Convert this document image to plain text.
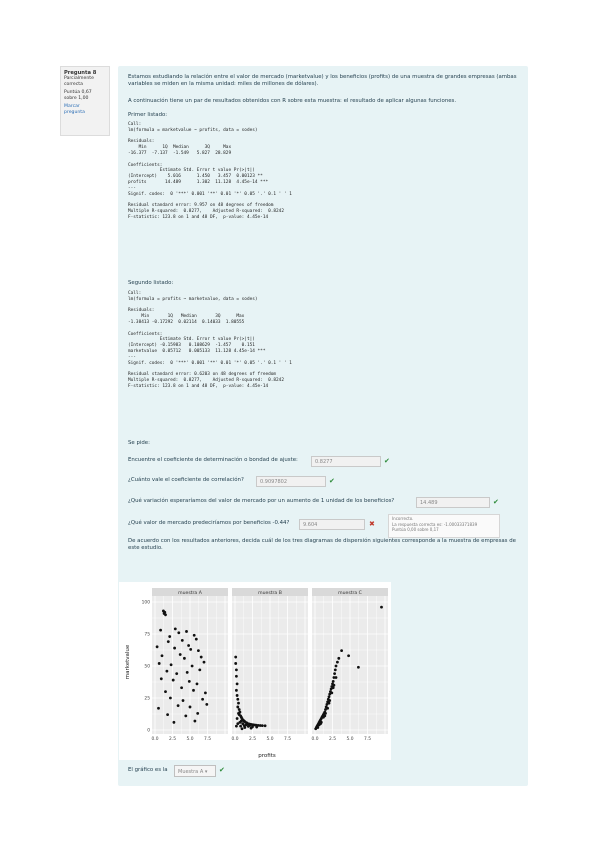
Pregunta 8
Parcialmente
correcta
Puntúa 0,67
sobre 1,00
Marcar
pregunta
Estamos estudiando la relación entre el valor de mercado (marketvalue) y los beneficios (profits) de una muestra de grandes empresas (ambas variables se miden en la misma unidad: miles de millones de dólares).
A continuación tiene un par de resultados obtenidos con R sobre esta muestra: el resultado de aplicar algunas funciones.
Primer listado:
Call:
lm(formula = marketvalue ~ profits, data = sodes)

Residuals:
Min      1Q  Median      3Q     Max
-16.377  -7.137  -1.549   5.827  28.829

Coefficients:
Estimate Std. Error t value Pr(>|t|)
(Intercept)    5.016      1.450   3.457  0.00123 **
profits       14.489      1.302  11.128  4.45e-14 ***
---
Signif. codes:  0 '***' 0.001 '**' 0.01 '*' 0.05 '.' 0.1 ' ' 1

Residual standard error: 9.957 on 48 degrees of freedom
Multiple R-squared:  0.8277,    Adjusted R-squared:  0.8242
F-statistic: 123.8 on 1 and 48 DF,  p-value: 4.45e-14
Segundo listado:
Call:
lm(formula = profits ~ marketvalue, data = sodes)

Residuals:
Min       1Q   Median       3Q      Max
-1.38413 -0.17292  0.02114  0.14033  1.80555

Coefficients:
Estimate Std. Error t value Pr(>|t|)
(Intercept) -0.15983   0.108629  -1.457    0.151
marketvalue  0.05712   0.005133  11.128 4.45e-14 ***
---
Signif. codes:  0 '***' 0.001 '**' 0.01 '*' 0.05 '.' 0.1 ' ' 1

Residual standard error: 0.6203 on 48 degrees of freedom
Multiple R-squared:  0.8277,    Adjusted R-squared:  0.8242
F-statistic: 123.8 on 1 and 48 DF,  p-value: 4.45e-14
Se pide:
Encuentre el coeficiente de determinación o bondad de ajuste:	0.8277	✔
¿Cuánto vale el coeficiente de correlación?	0.9097802	✔
¿Qué variación esperaríamos del valor de mercado por un aumento de 1 unidad de los beneficios?	14.489	✔
¿Qué valor de mercado predeciríamos por beneficios -0.44?	9.604	✖
Incorrecto.
La respuesta correcta es: -1.00033371839
Puntúa 0,00 sobre 0,17
De acuerdo con los resultados anteriores, decida cuál de los tres diagramas de dispersión siguientes corresponde a la muestra de empresas de este estudio.
muestra A
0.0 2.5 5.0 7.5
0
25
50
75
100
muestra B
0.0 2.5 5.0 7.5
muestra C
0.0 2.5 5.0 7.5
marketvalue
profits
El gráfico es la	Muestra A ▾	✔
